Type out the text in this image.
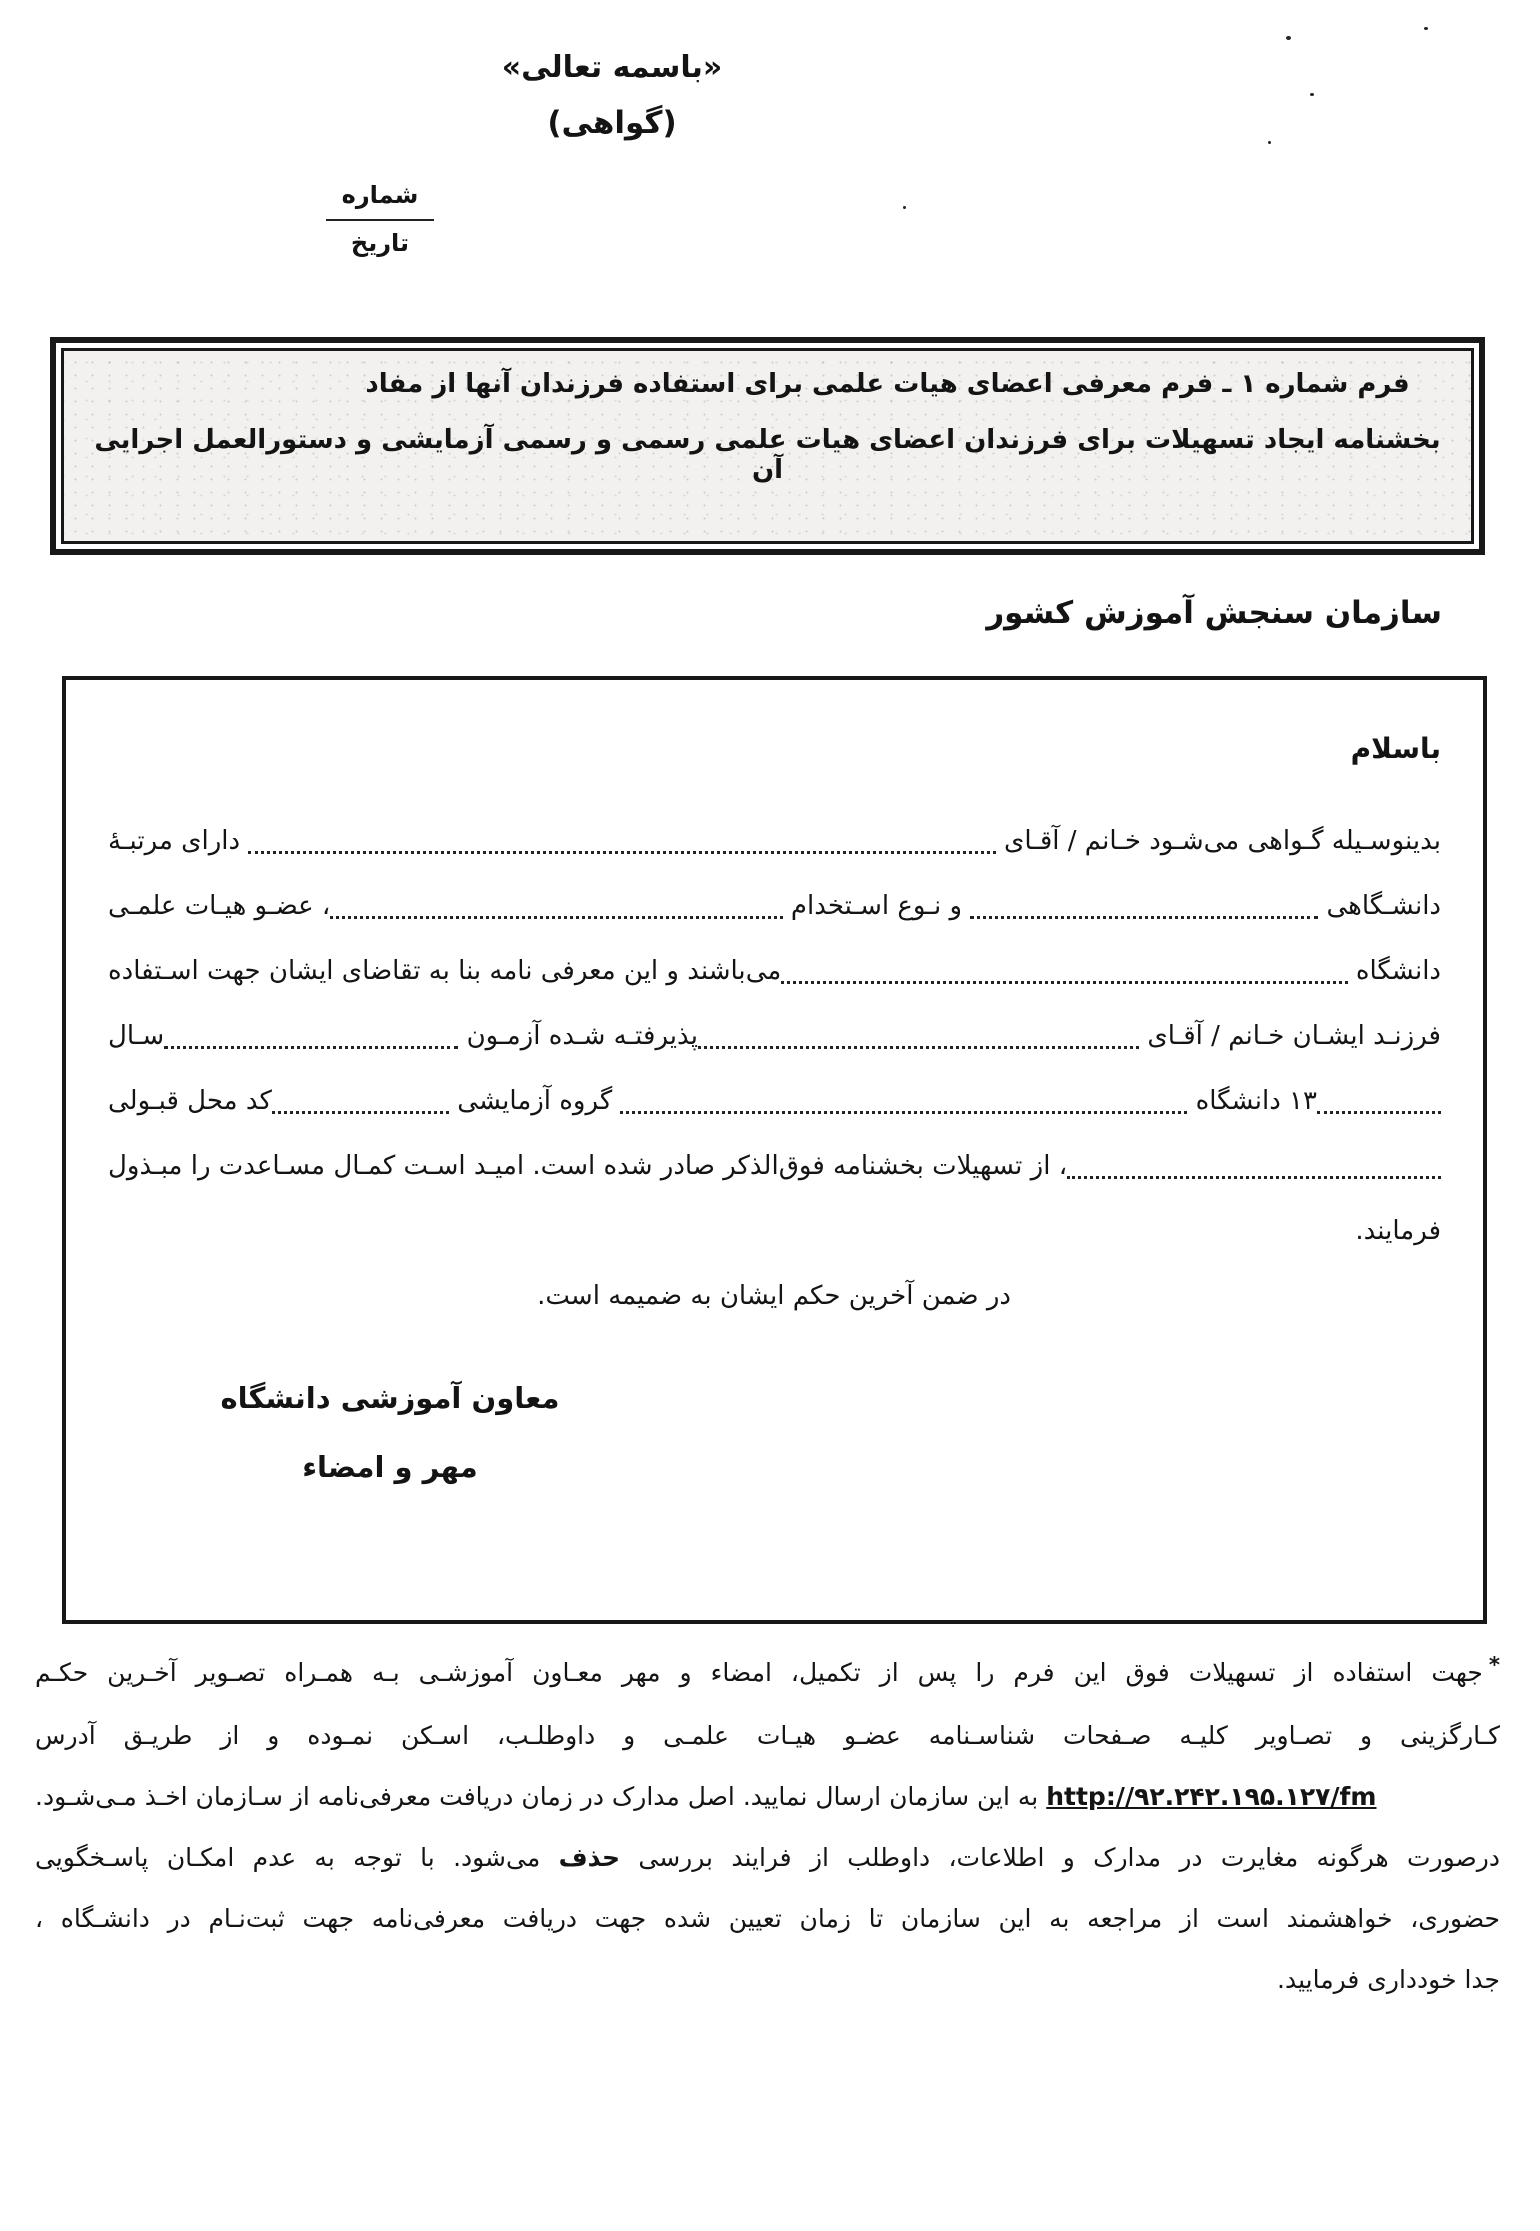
«باسمه تعالی»
(گواهی)
شماره
تاریخ
فرم شماره ۱ ـ فرم معرفی اعضای هیات علمی برای استفاده فرزندان آنها از مفاد
بخشنامه ایجاد تسهیلات برای فرزندان اعضای هیات علمی رسمی و رسمی آزمایشی و دستورالعمل اجرایی آن
سازمان سنجش آموزش کشور
باسلام
بدینوسـیله گـواهی می‌شـود خـانم / آقـای
دارای مرتبـۀ
دانشـگاهی
و نـوع اسـتخدام
، عضـو هیـات علمـی
دانشگاه
می‌باشند و این معرفی نامه بنا به تقاضای ایشان جهت اسـتفاده
فرزنـد ایشـان خـانم / آقـای
پذیرفتـه شـده آزمـون
سـال
۱۳ دانشگاه
گروه آزمایشی
کد محل قبـولی
، از تسهیلات بخشنامه فوق‌الذکر صادر شده است. امیـد اسـت کمـال مسـاعدت را مبـذول
فرمایند.
در ضمن آخرین حکم ایشان به ضمیمه است.
معاون آموزشی دانشگاه
مهر و امضاء
*جهت استفاده از تسهیلات فوق این فرم را پس از تکمیل، امضاء و مهر معـاون آموزشـی بـه همـراه تصـویر آخـرین حکـم
کـارگزینی و تصـاویر کلیـه صـفحات شناسـنامه عضـو هیـات علمـی و داوطلـب، اسـکن نمـوده و از طریـق آدرس
http://۹۲.۲۴۲.۱۹۵.۱۲۷/fm به این سازمان ارسال نمایید. اصل مدارک در زمان دریافت معرفی‌نامه از سـازمان اخـذ مـی‌شـود.
درصورت هرگونه مغایرت در مدارک و اطلاعات، داوطلب از فرایند بررسی حذف می‌شود. با توجه به عدم امکـان پاسـخگویی
حضوری، خواهشمند است از مراجعه به این سازمان تا زمان تعیین شده جهت دریافت معرفی‌نامه جهت ثبت‌نـام در دانشـگاه ،
جدا خودداری فرمایید.
